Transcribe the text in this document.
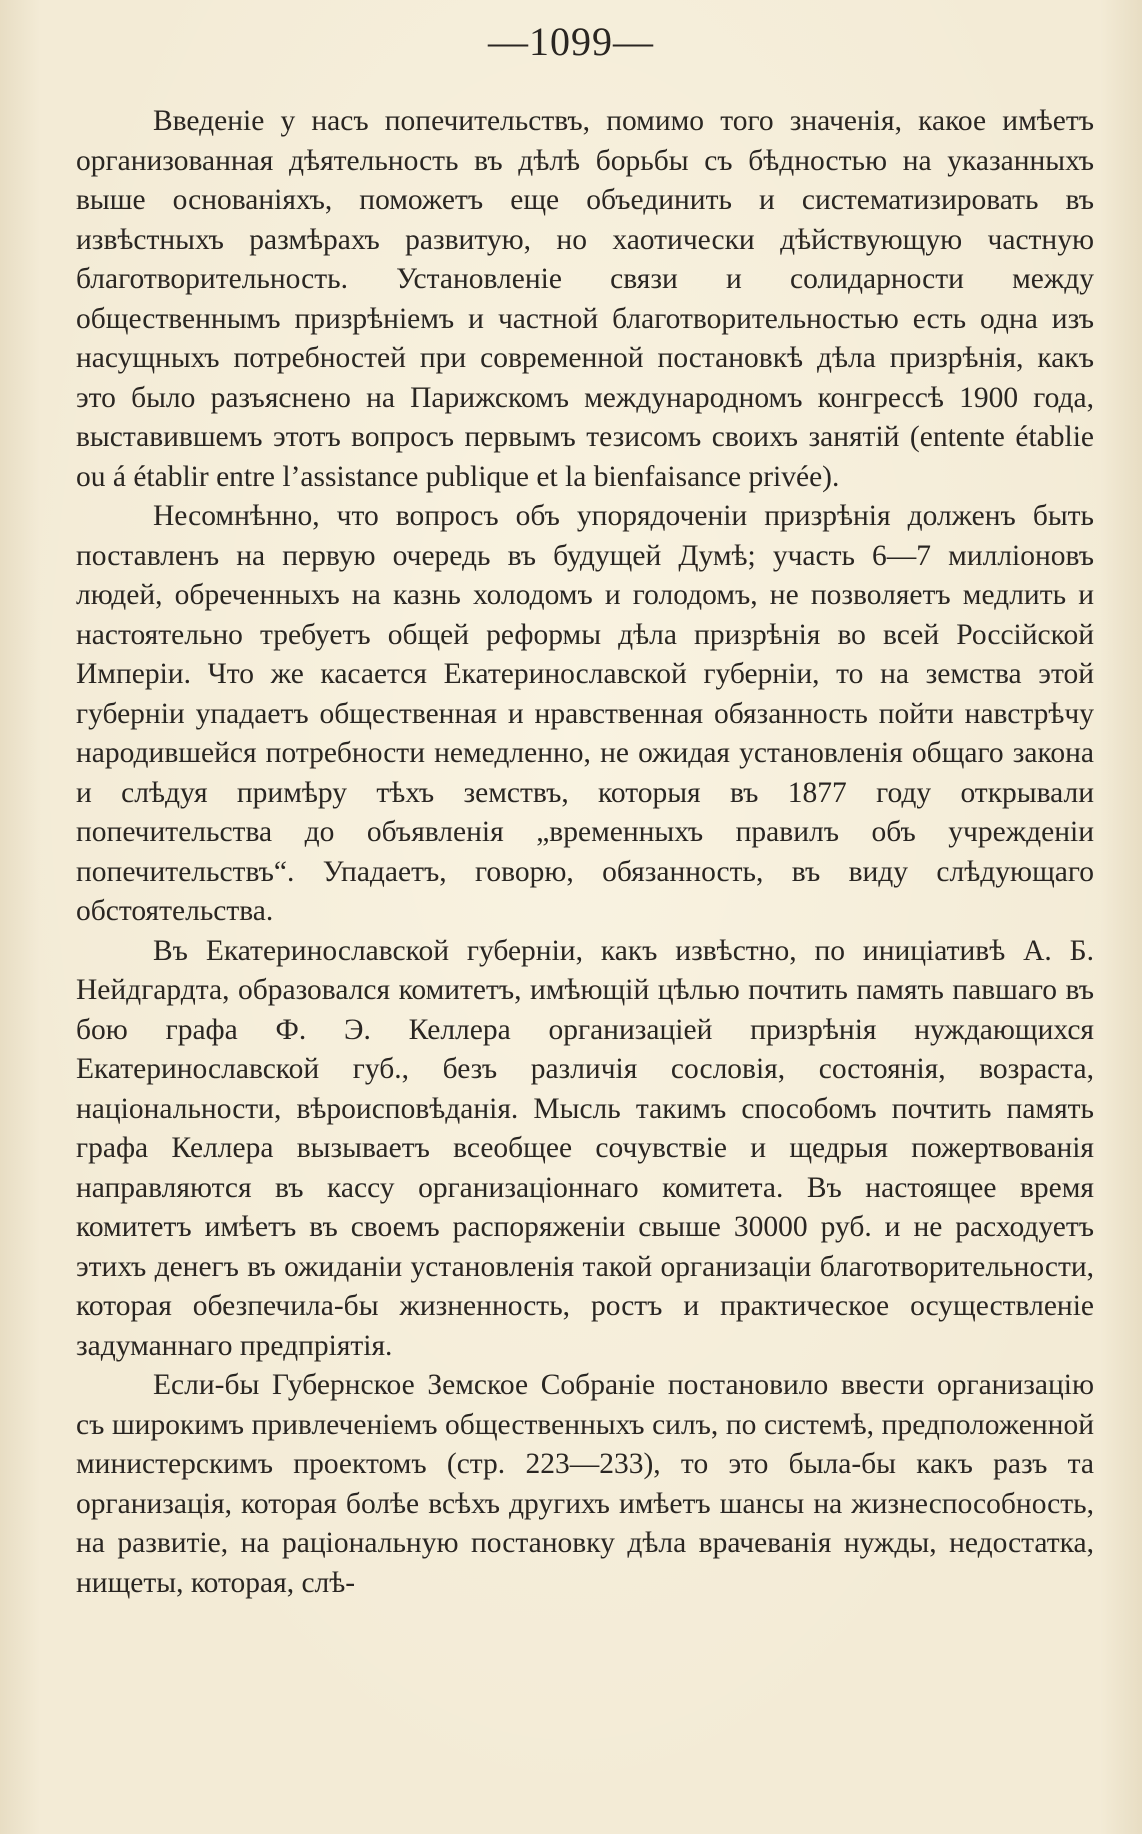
—1099—

Введеніе у насъ попечительствъ, помимо того значенія, какое имѣетъ организованная дѣятельность въ дѣлѣ борьбы съ бѣдностью на указанныхъ выше основаніяхъ, поможетъ еще объединить и систематизировать въ извѣстныхъ размѣрахъ развитую, но хаотически дѣйствующую частную благотворительность. Установленіе связи и солидарности между общественнымъ призрѣніемъ и частной благотворительностью есть одна изъ насущныхъ потребностей при современной постановкѣ дѣла призрѣнія, какъ это было разъяснено на Парижскомъ международномъ конгрессѣ 1900 года, выставившемъ этотъ вопросъ первымъ тезисомъ своихъ занятій (entente établie ou á établir entre l’assistance publique et la bienfaisance privée).

Несомнѣнно, что вопросъ объ упорядоченіи призрѣнія долженъ быть поставленъ на первую очередь въ будущей Думѣ; участь 6—7 милліоновъ людей, обреченныхъ на казнь холодомъ и голодомъ, не позволяетъ медлить и настоятельно требуетъ общей реформы дѣла призрѣнія во всей Россійской Имперіи. Что же касается Екатеринославской губерніи, то на земства этой губерніи упадаетъ общественная и нравственная обязанность пойти навстрѣчу народившейся потребности немедленно, не ожидая установленія общаго закона и слѣдуя примѣру тѣхъ земствъ, которыя въ 1877 году открывали попечительства до объявленія „временныхъ правилъ объ учрежденіи попечительствъ“. Упадаетъ, говорю, обязанность, въ виду слѣдующаго обстоятельства.

Въ Екатеринославской губерніи, какъ извѣстно, по иниціативѣ А. Б. Нейдгардта, образовался комитетъ, имѣющій цѣлью почтить память павшаго въ бою графа Ф. Э. Келлера организаціей призрѣнія нуждающихся Екатеринославской губ., безъ различія сословія, состоянія, возраста, національности, вѣроисповѣданія. Мысль такимъ способомъ почтить память графа Келлера вызываетъ всеобщее сочувствіе и щедрыя пожертвованія направляются въ кассу организаціоннаго комитета. Въ настоящее время комитетъ имѣетъ въ своемъ распоряженіи свыше 30000 руб. и не расходуетъ этихъ денегъ въ ожиданіи установленія такой организаціи благотворительности, которая обезпечила-бы жизненность, ростъ и практическое осуществленіе задуманнаго предпріятія.

Если-бы Губернское Земское Собраніе постановило ввести организацію съ широкимъ привлеченіемъ общественныхъ силъ, по системѣ, предположенной министерскимъ проектомъ (стр. 223—233), то это была-бы какъ разъ та организація, которая болѣе всѣхъ другихъ имѣетъ шансы на жизнеспособность, на развитіе, на раціональную постановку дѣла врачеванія нужды, недостатка, нищеты, которая, слѣ-
